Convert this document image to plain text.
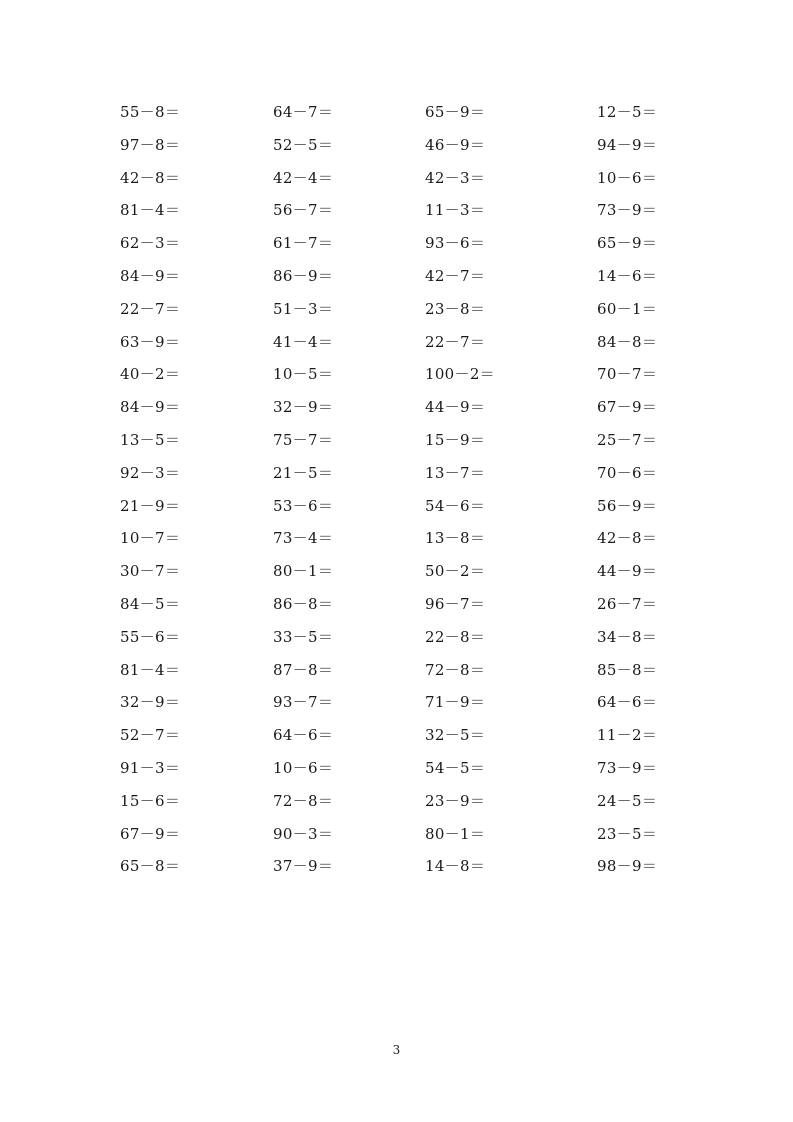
55－8＝	64－7＝	65－9＝	12－5＝
97－8＝	52－5＝	46－9＝	94－9＝
42－8＝	42－4＝	42－3＝	10－6＝
81－4＝	56－7＝	11－3＝	73－9＝
62－3＝	61－7＝	93－6＝	65－9＝
84－9＝	86－9＝	42－7＝	14－6＝
22－7＝	51－3＝	23－8＝	60－1＝
63－9＝	41－4＝	22－7＝	84－8＝
40－2＝	10－5＝	100－2＝	70－7＝
84－9＝	32－9＝	44－9＝	67－9＝
13－5＝	75－7＝	15－9＝	25－7＝
92－3＝	21－5＝	13－7＝	70－6＝
21－9＝	53－6＝	54－6＝	56－9＝
10－7＝	73－4＝	13－8＝	42－8＝
30－7＝	80－1＝	50－2＝	44－9＝
84－5＝	86－8＝	96－7＝	26－7＝
55－6＝	33－5＝	22－8＝	34－8＝
81－4＝	87－8＝	72－8＝	85－8＝
32－9＝	93－7＝	71－9＝	64－6＝
52－7＝	64－6＝	32－5＝	11－2＝
91－3＝	10－6＝	54－5＝	73－9＝
15－6＝	72－8＝	23－9＝	24－5＝
67－9＝	90－3＝	80－1＝	23－5＝
65－8＝	37－9＝	14－8＝	98－9＝
3
